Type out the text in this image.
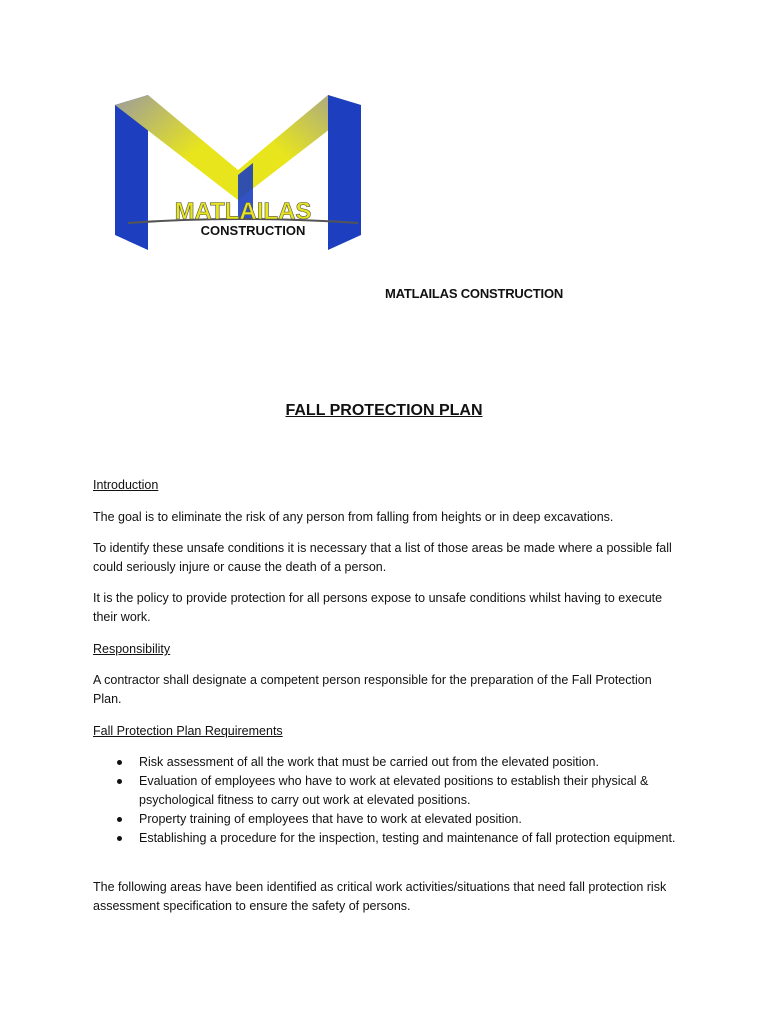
MATLAILAS
CONSTRUCTION
MATLAILAS CONSTRUCTION
FALL PROTECTION PLAN
Introduction

The goal is to eliminate the risk of any person from falling from heights or in deep excavations.

To identify these unsafe conditions it is necessary that a list of those areas be made where a possible fall could seriously injure or cause the death of a person.

It is the policy to provide protection for all persons expose to unsafe conditions whilst having to execute their work.

Responsibility

A contractor shall designate a competent person responsible for the preparation of the Fall Protection Plan.

Fall Protection Plan Requirements
Risk assessment of all the work that must be carried out from the elevated position.
Evaluation of employees who have to work at elevated positions to establish their physical & psychological fitness to carry out work at elevated positions.
Property training of employees that have to work at elevated position.
Establishing a procedure for the inspection, testing and maintenance of fall protection equipment.

The following areas have been identified as critical work activities/situations that need fall protection risk assessment specification to ensure the safety of persons.
